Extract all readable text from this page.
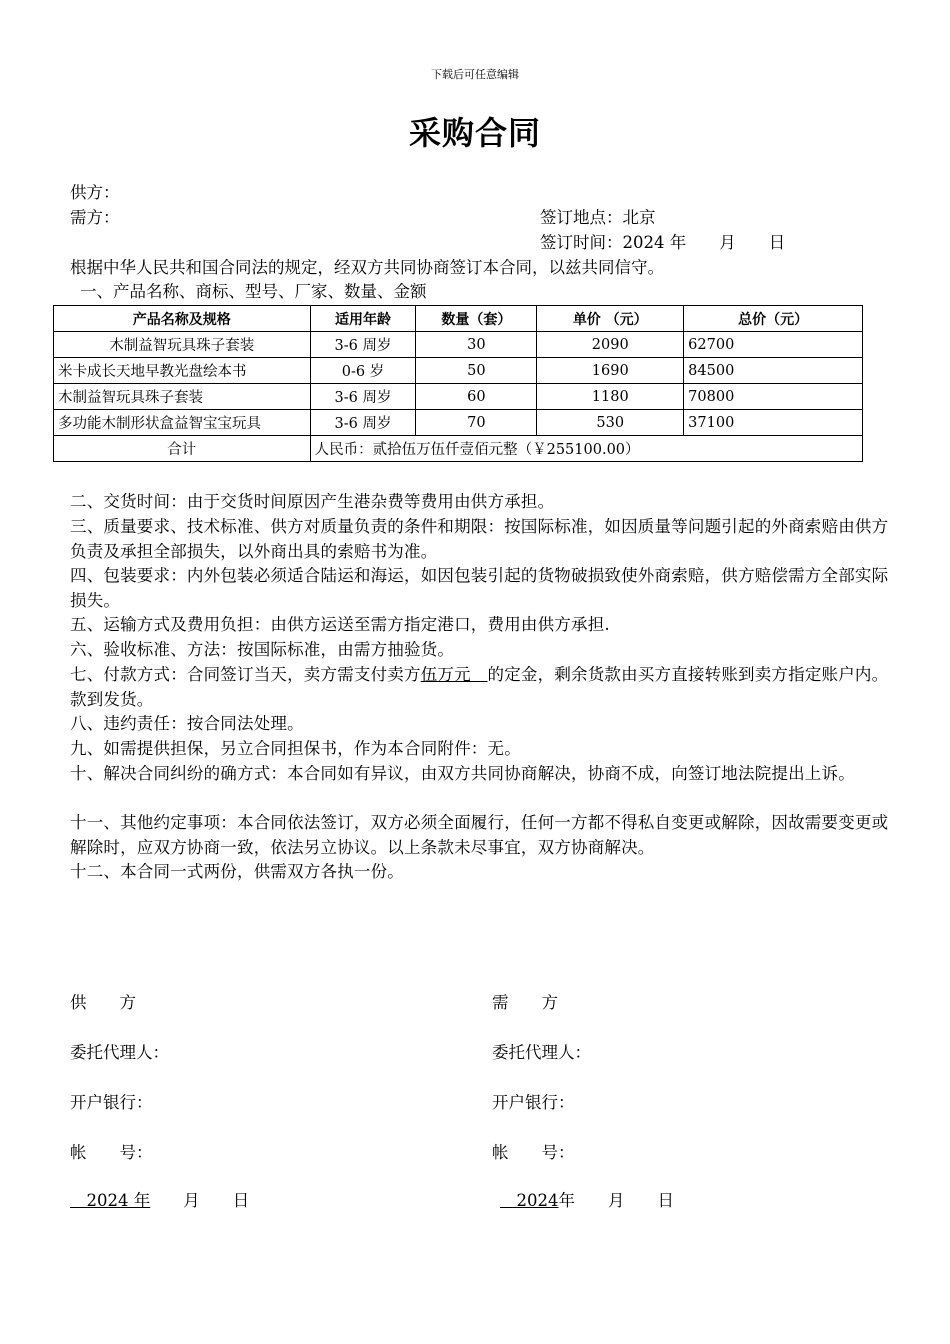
下载后可任意编辑
采购合同
供方：
需方：	签订地点：北京
签订时间：2024 年　　月　　日
根据中华人民共和国合同法的规定，经双方共同协商签订本合同，以兹共同信守。
一、产品名称、商标、型号、厂家、数量、金额
产品名称及规格	适用年龄	数量（套）	单价 （元）	总价（元）
木制益智玩具珠子套装	3-6 周岁	30	2090	62700
米卡成长天地早教光盘绘本书	0-6 岁	50	1690	84500
木制益智玩具珠子套装	3-6 周岁	60	1180	70800
多功能木制形状盒益智宝宝玩具	3-6 周岁	70	530	37100
合计	人民币：贰拾伍万伍仟壹佰元整（￥255100.00）			
二、交货时间：由于交货时间原因产生港杂费等费用由供方承担。
三、质量要求、技术标准、供方对质量负责的条件和期限：按国际标准，如因质量等问题引起的外商索赔由供方负责及承担全部损失，以外商出具的索赔书为准。
四、包装要求：内外包装必须适合陆运和海运，如因包装引起的货物破损致使外商索赔，供方赔偿需方全部实际损失。
五、运输方式及费用负担：由供方运送至需方指定港口，费用由供方承担.
六、验收标准、方法：按国际标准，由需方抽验货。
七、付款方式：合同签订当天，卖方需支付卖方伍万元　的定金，剩余货款由买方直接转账到卖方指定账户内。款到发货。
八、违约责任：按合同法处理。
九、如需提供担保，另立合同担保书，作为本合同附件：无。
十、解决合同纠纷的确方式：本合同如有异议，由双方共同协商解决，协商不成，向签订地法院提出上诉。
十一、其他约定事项：本合同依法签订，双方必须全面履行，任何一方都不得私自变更或解除，因故需要变更或解除时，应双方协商一致，依法另立协议。以上条款未尽事宜，双方协商解决。
十二、本合同一式两份，供需双方各执一份。
供　　方
委托代理人：
开户银行：
帐　　号：
　2024 年　　月　　日
需　　方
委托代理人：
开户银行：
帐　　号：
　2024年　　月　　日
